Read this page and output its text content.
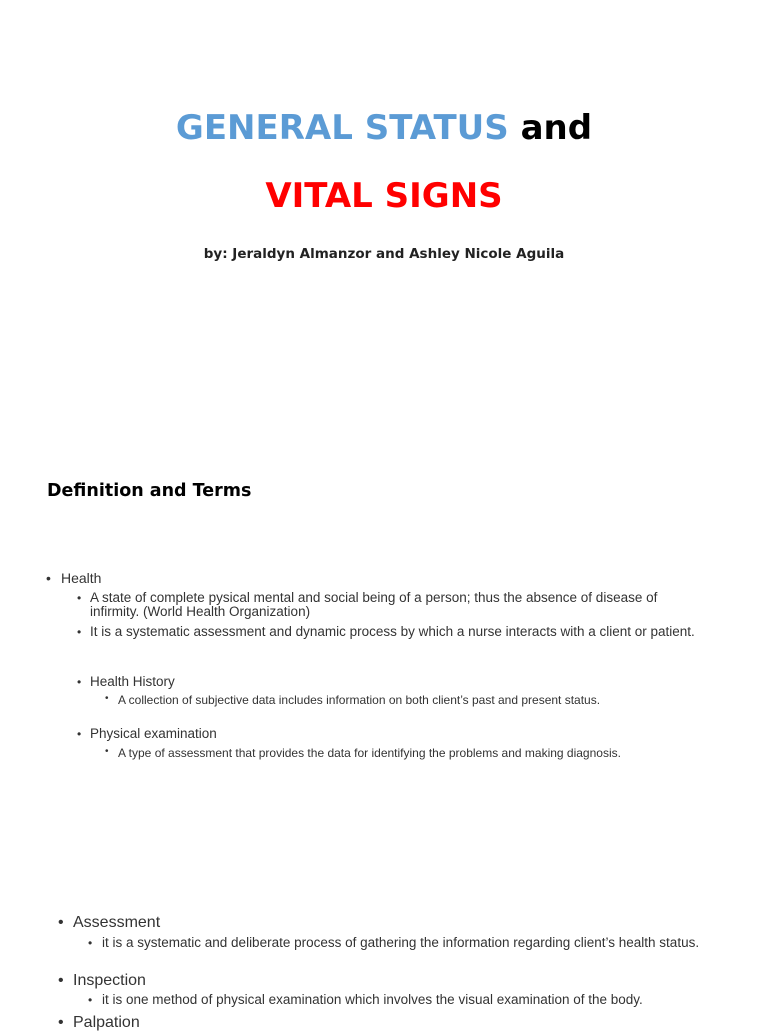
GENERAL STATUS and
VITAL SIGNS
by: Jeraldyn Almanzor and Ashley Nicole Aguila
Definition and Terms
• Health
• A state of complete pysical mental and social being of a person; thus the absence of disease of infirmity. (World Health Organization)
• It is a systematic assessment and dynamic process by which a nurse interacts with a client or patient.
• Health History
• A collection of subjective data includes information on both client’s past and present status.
• Physical examination
• A type of assessment that provides the data for identifying the problems and making diagnosis.
• Assessment
• it is a systematic and deliberate process of gathering the information regarding client’s health status.
• Inspection
• it is one method of physical examination which involves the visual examination of the body.
• Palpation
